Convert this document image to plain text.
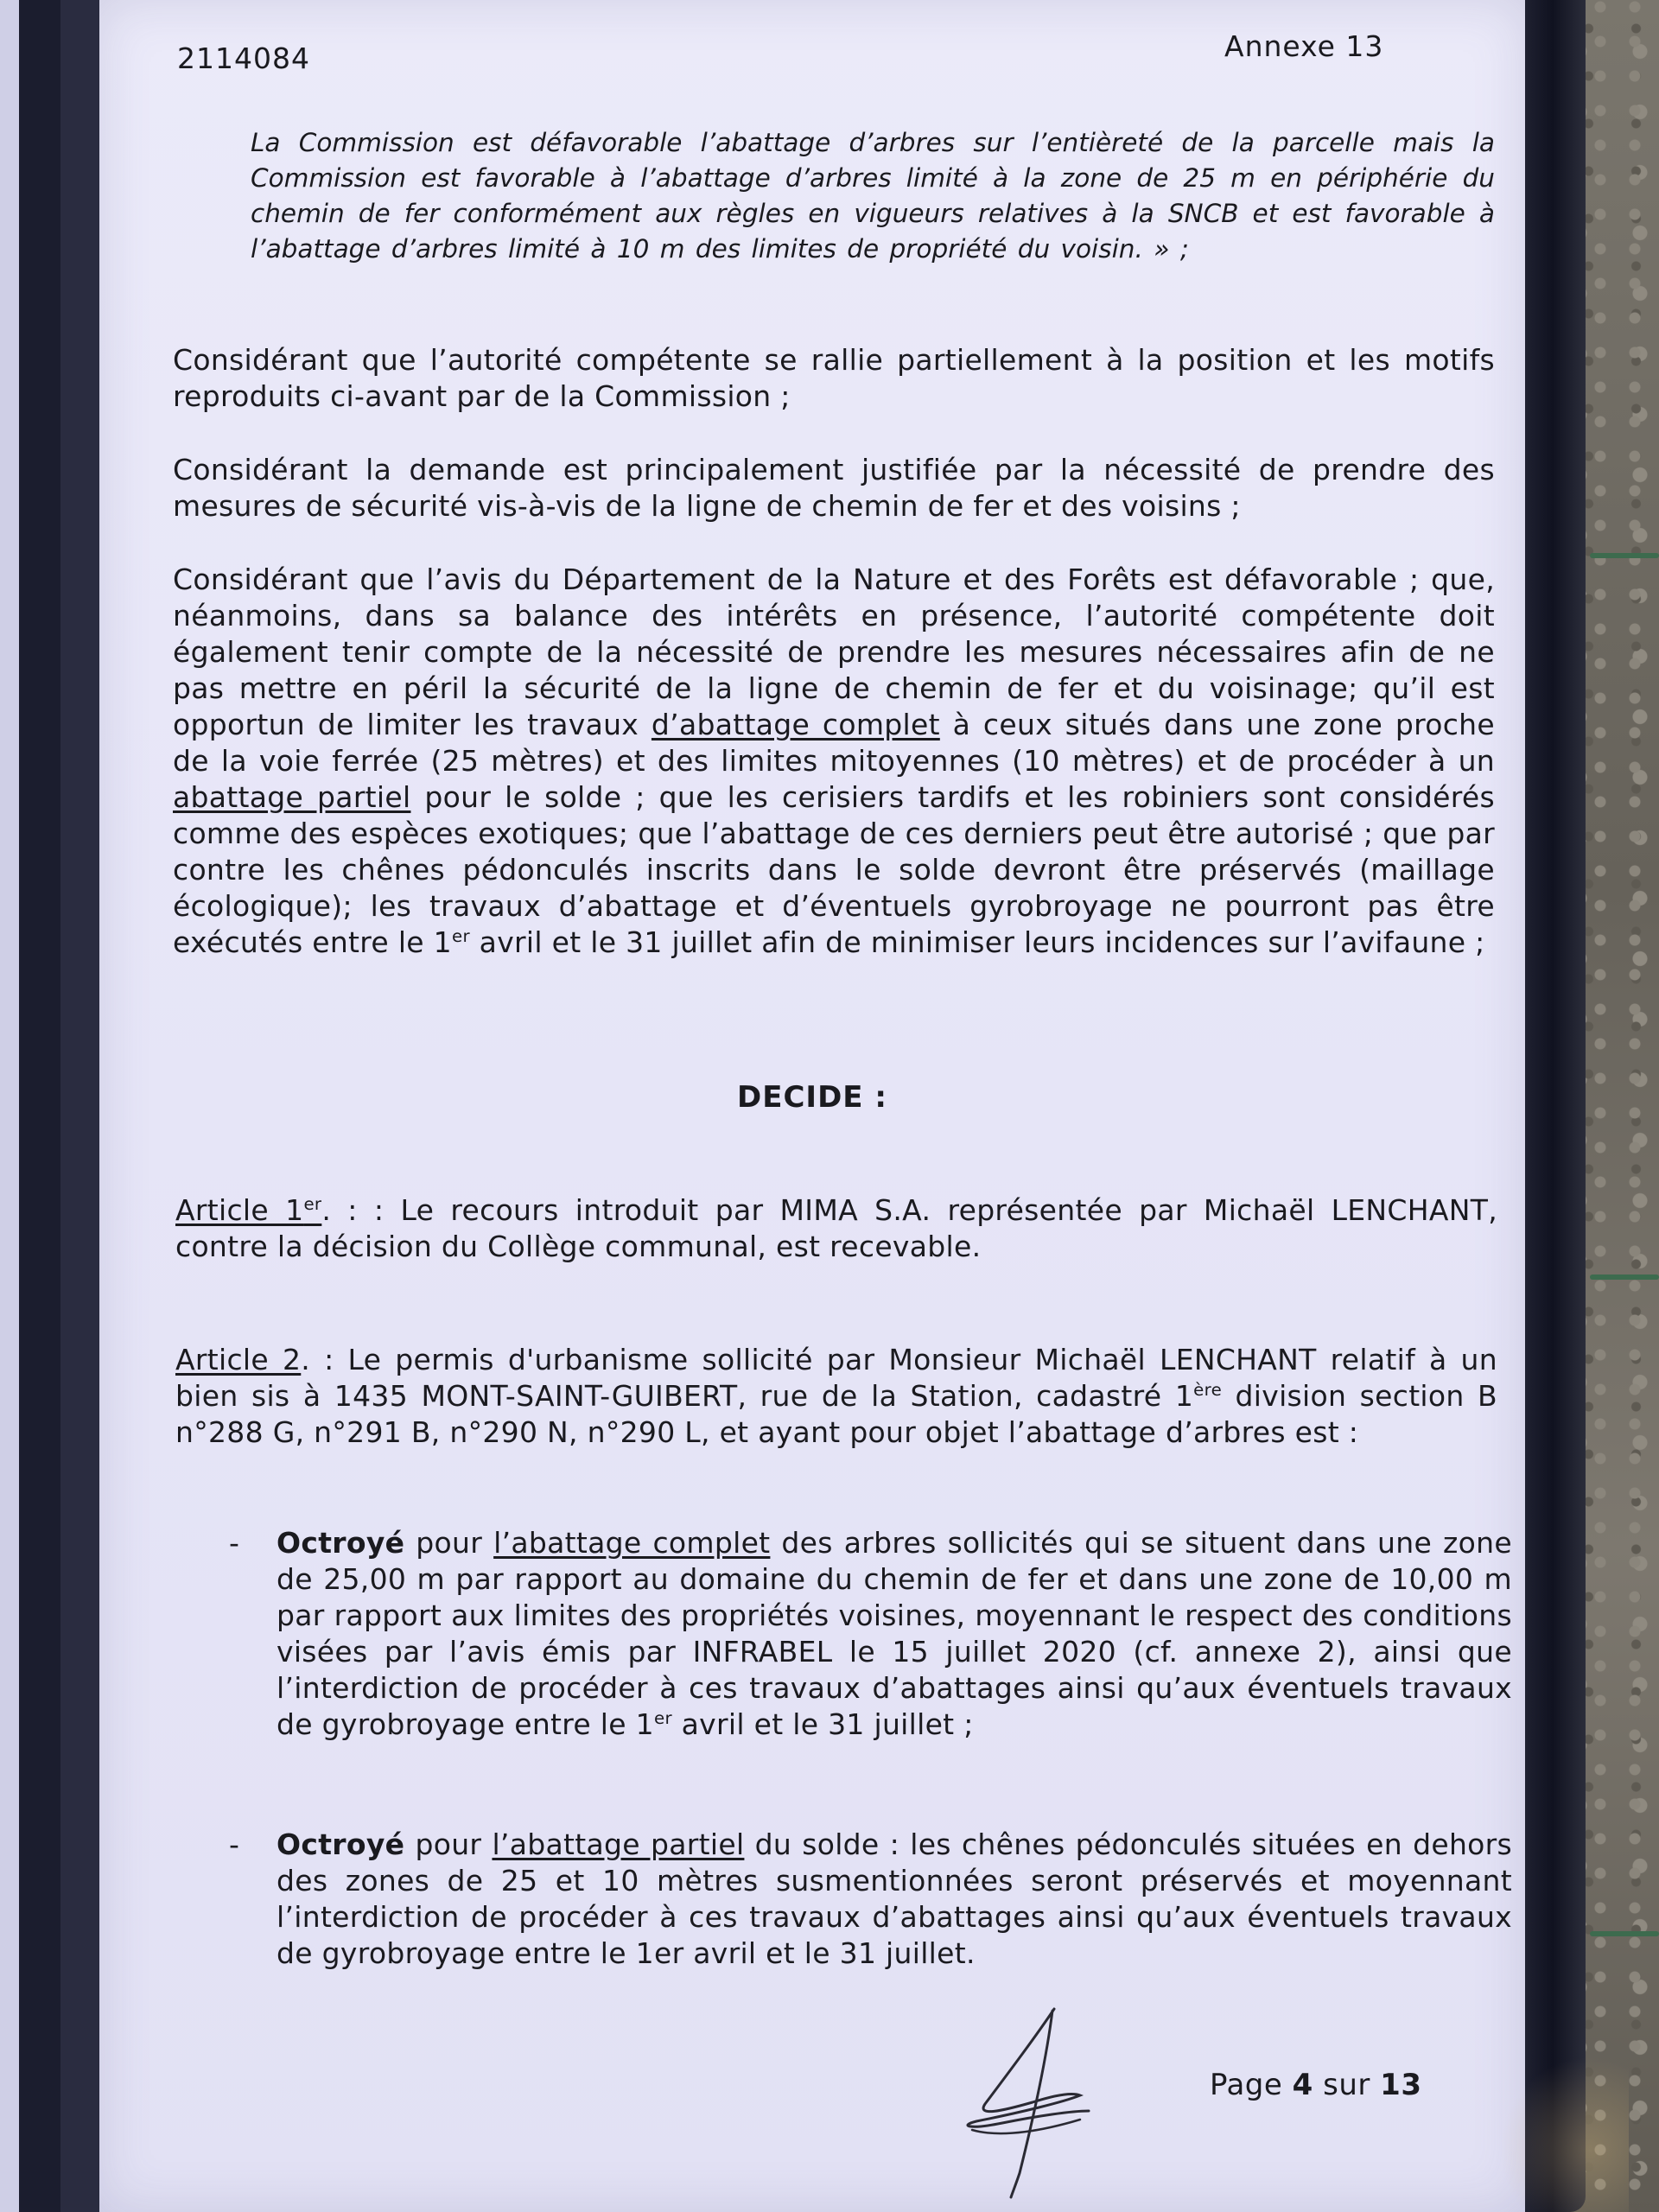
2114084	Annexe 13
La Commission est défavorable l’abattage d’arbres sur l’entièreté de la parcelle mais la Commission est favorable à l’abattage d’arbres limité à la zone de 25 m en périphérie du chemin de fer conformément aux règles en vigueurs relatives à la SNCB et est favorable à l’abattage d’arbres limité à 10 m des limites de propriété du voisin. » ;
Considérant que l’autorité compétente se rallie partiellement à la position et les motifs reproduits ci-avant par de la Commission ;
Considérant la demande est principalement justifiée par la nécessité de prendre des mesures de sécurité vis-à-vis de la ligne de chemin de fer et des voisins ;
Considérant que l’avis du Département de la Nature et des Forêts est défavorable ; que, néanmoins, dans sa balance des intérêts en présence, l’autorité compétente doit également tenir compte de la nécessité de prendre les mesures nécessaires afin de ne pas mettre en péril la sécurité de la ligne de chemin de fer et du voisinage; qu’il est opportun de limiter les travaux d’abattage complet à ceux situés dans une zone proche de la voie ferrée (25 mètres) et des limites mitoyennes (10 mètres) et de procéder à un abattage partiel pour le solde ; que les cerisiers tardifs et les robiniers sont considérés comme des espèces exotiques; que l’abattage de ces derniers peut être autorisé ; que par contre les chênes pédonculés inscrits dans le solde devront être préservés (maillage écologique); les travaux d’abattage et d’éventuels gyrobroyage ne pourront pas être exécutés entre le 1er avril et le 31 juillet afin de minimiser leurs incidences sur l’avifaune ;
DECIDE :
Article 1er. : : Le recours introduit par MIMA S.A. représentée par Michaël LENCHANT, contre la décision du Collège communal, est recevable.
Article 2. : Le permis d'urbanisme sollicité par Monsieur Michaël LENCHANT relatif à un bien sis à 1435 MONT-SAINT-GUIBERT, rue de la Station, cadastré 1ère division section B n°288 G, n°291 B, n°290 N, n°290 L, et ayant pour objet l’abattage d’arbres est :
- Octroyé pour l’abattage complet des arbres sollicités qui se situent dans une zone de 25,00 m par rapport au domaine du chemin de fer et dans une zone de 10,00 m par rapport aux limites des propriétés voisines, moyennant le respect des conditions visées par l’avis émis par INFRABEL le 15 juillet 2020 (cf. annexe 2), ainsi que l’interdiction de procéder à ces travaux d’abattages ainsi qu’aux éventuels travaux de gyrobroyage entre le 1er avril et le 31 juillet ;
- Octroyé pour l’abattage partiel du solde : les chênes pédonculés situées en dehors des zones de 25 et 10 mètres susmentionnées seront préservés et moyennant l’interdiction de procéder à ces travaux d’abattages ainsi qu’aux éventuels travaux de gyrobroyage entre le 1er avril et le 31 juillet.
Page 4 sur 13
